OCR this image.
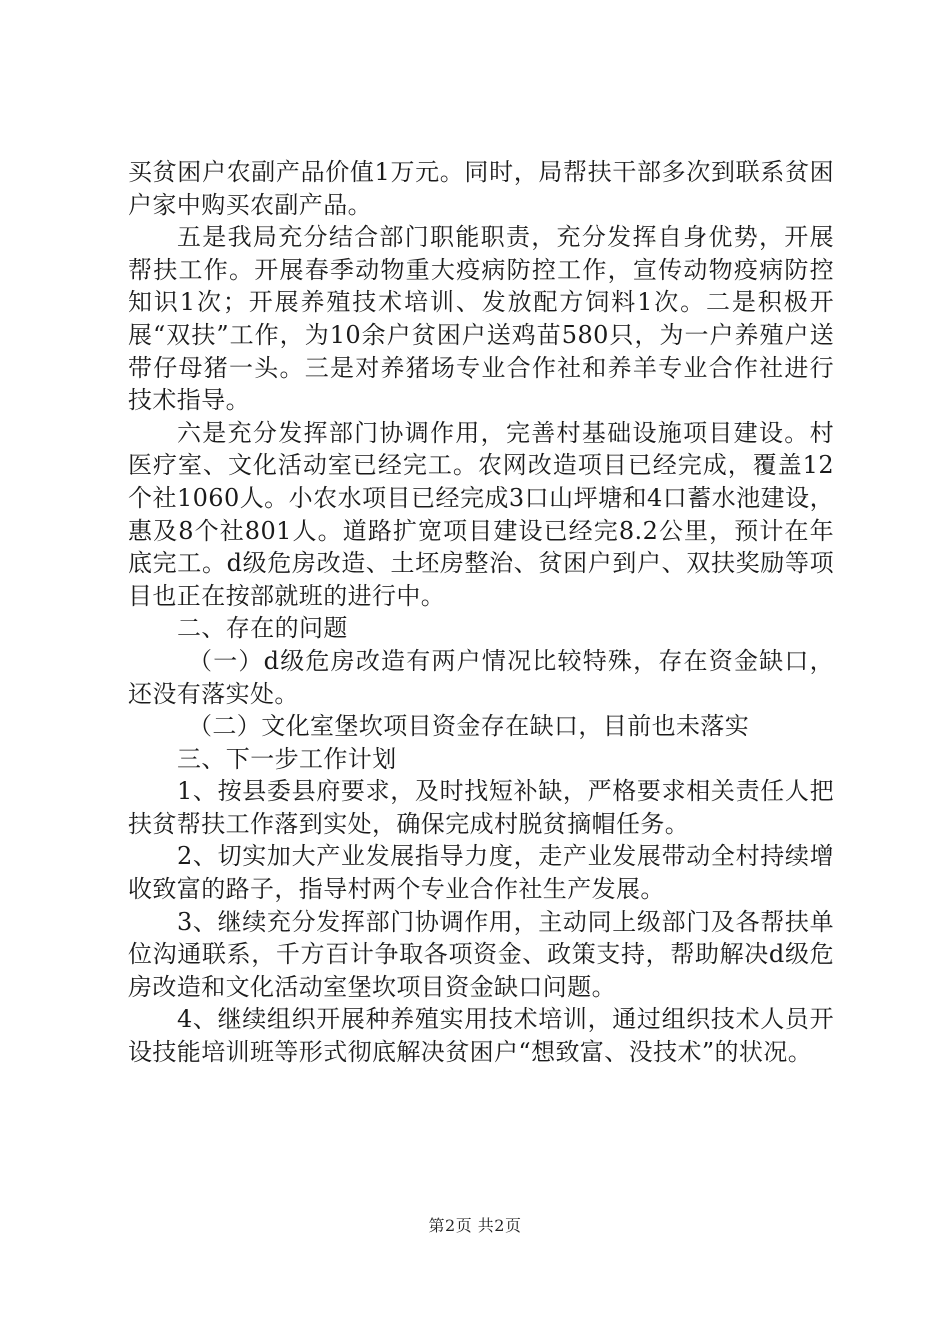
买贫困户农副产品价值1万元。同时，局帮扶干部多次到联系贫困户家中购买农副产品。

五是我局充分结合部门职能职责，充分发挥自身优势，开展帮扶工作。开展春季动物重大疫病防控工作，宣传动物疫病防控知识1次；开展养殖技术培训、发放配方饲料1次。二是积极开展“双扶”工作，为10余户贫困户送鸡苗580只，为一户养殖户送带仔母猪一头。三是对养猪场专业合作社和养羊专业合作社进行技术指导。

六是充分发挥部门协调作用，完善村基础设施项目建设。村医疗室、文化活动室已经完工。农网改造项目已经完成，覆盖12个社1060人。小农水项目已经完成3口山坪塘和4口蓄水池建设，惠及8个社801人。道路扩宽项目建设已经完8.2公里，预计在年底完工。d级危房改造、土坯房整治、贫困户到户、双扶奖励等项目也正在按部就班的进行中。

二、存在的问题

（一）d级危房改造有两户情况比较特殊，存在资金缺口，还没有落实处。

（二）文化室堡坎项目资金存在缺口，目前也未落实

三、下一步工作计划

1、按县委县府要求，及时找短补缺，严格要求相关责任人把扶贫帮扶工作落到实处，确保完成村脱贫摘帽任务。

2、切实加大产业发展指导力度，走产业发展带动全村持续增收致富的路子，指导村两个专业合作社生产发展。

3、继续充分发挥部门协调作用，主动同上级部门及各帮扶单位沟通联系，千方百计争取各项资金、政策支持，帮助解决d级危房改造和文化活动室堡坎项目资金缺口问题。

4、继续组织开展种养殖实用技术培训，通过组织技术人员开设技能培训班等形式彻底解决贫困户“想致富、没技术”的状况。

第2页 共2页
